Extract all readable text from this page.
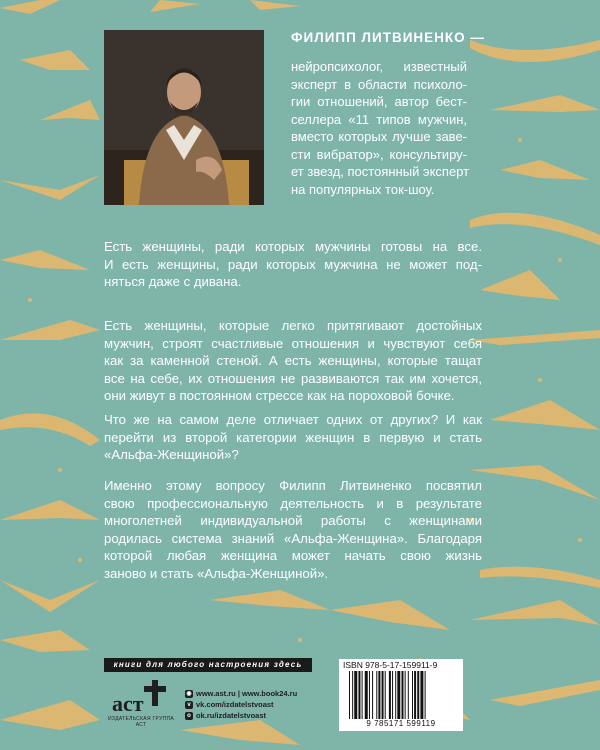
ФИЛИПП ЛИТВИНЕНКО —
нейропсихолог, известный
эксперт в области психоло-
гии отношений, автор бест-
селлера «11 типов мужчин,
вместо которых лучше заве-
сти вибратор», консультиру-
ет звезд, постоянный эксперт
на популярных ток-шоу.
Есть женщины, ради которых мужчины готовы на все.
И есть женщины, ради которых мужчина не может под-
няться даже с дивана.
Есть женщины, которые легко притягивают достойных
мужчин, строят счастливые отношения и чувствуют себя
как за каменной стеной. А есть женщины, которые тащат
все на себе, их отношения не развиваются так им хочется,
они живут в постоянном стрессе как на пороховой бочке.
Что же на самом деле отличает одних от других? И как
перейти из второй категории женщин в первую и стать
«Альфа-Женщиной»?
Именно этому вопросу Филипп Литвиненко посвятил
свою профессиональную деятельность и в результате
многолетней индивидуальной работы с женщинами
родилась система знаний «Альфа-Женщина». Благодаря
которой любая женщина может начать свою жизнь
заново и стать «Альфа-Женщиной».
книги для любого настроения здесь
аст
ИЗДАТЕЛЬСКАЯ ГРУППА АСТ
◉ www.ast.ru | www.book24.ru
v vk.com/izdatelstvoast
o ok.ru/izdatelstvoast
ISBN 978-5-17-159911-9
9 785171 599119
